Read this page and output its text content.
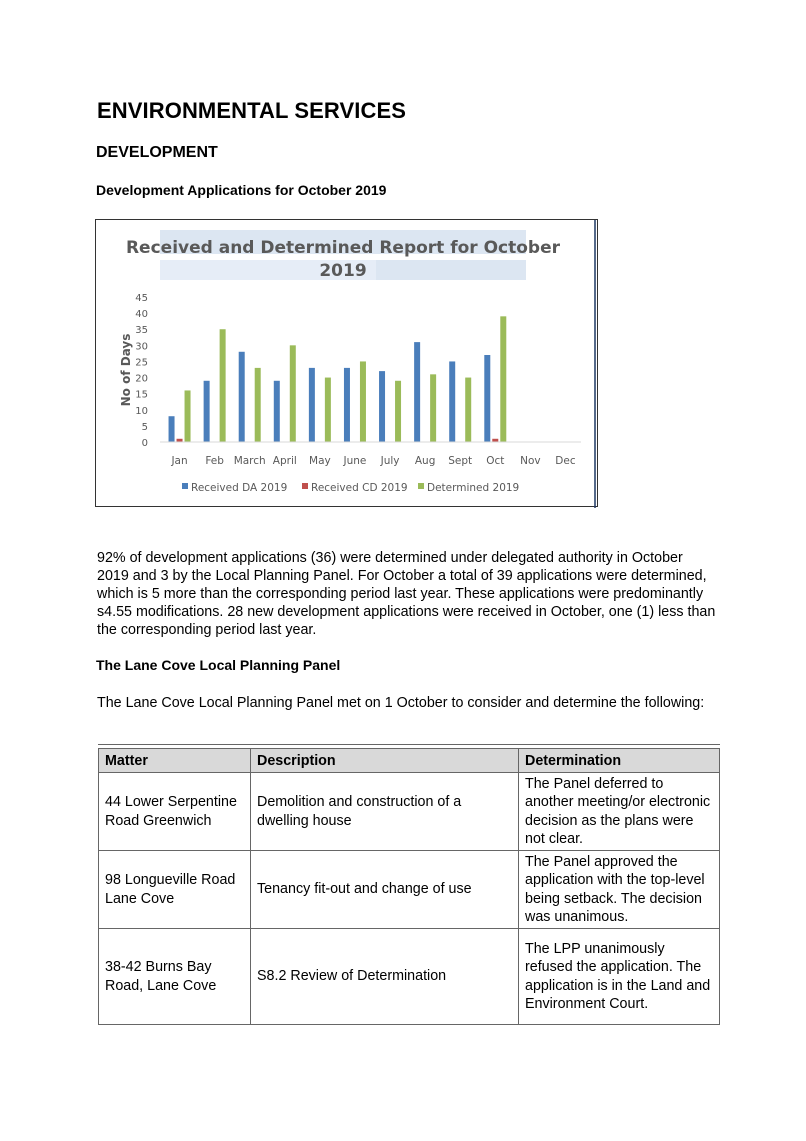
ENVIRONMENTAL SERVICES
DEVELOPMENT
Development Applications for October 2019
Received and Determined Report for October
2019
No of Days
0
5
10
15
20
25
30
35
40
45
Jan Feb March April May June July Aug Sept Oct Nov Dec
Received DA 2019 Received CD 2019 Determined 2019

92% of development applications (36) were determined under delegated authority in October 2019 and 3 by the Local Planning Panel. For October a total of 39 applications were determined, which is 5 more than the corresponding period last year. These applications were predominantly s4.55 modifications. 28 new development applications were received in October, one (1) less than the corresponding period last year.

The Lane Cove Local Planning Panel

The Lane Cove Local Planning Panel met on 1 October to consider and determine the following:

Matter	Description	Determination
44 Lower Serpentine Road Greenwich	Demolition and construction of a dwelling house	The Panel deferred to another meeting/or electronic decision as the plans were not clear.
98 Longueville Road Lane Cove	Tenancy fit-out and change of use	The Panel approved the application with the top-level being setback. The decision was unanimous.
38-42 Burns Bay Road, Lane Cove	S8.2 Review of Determination	The LPP unanimously refused the application. The application is in the Land and Environment Court.
